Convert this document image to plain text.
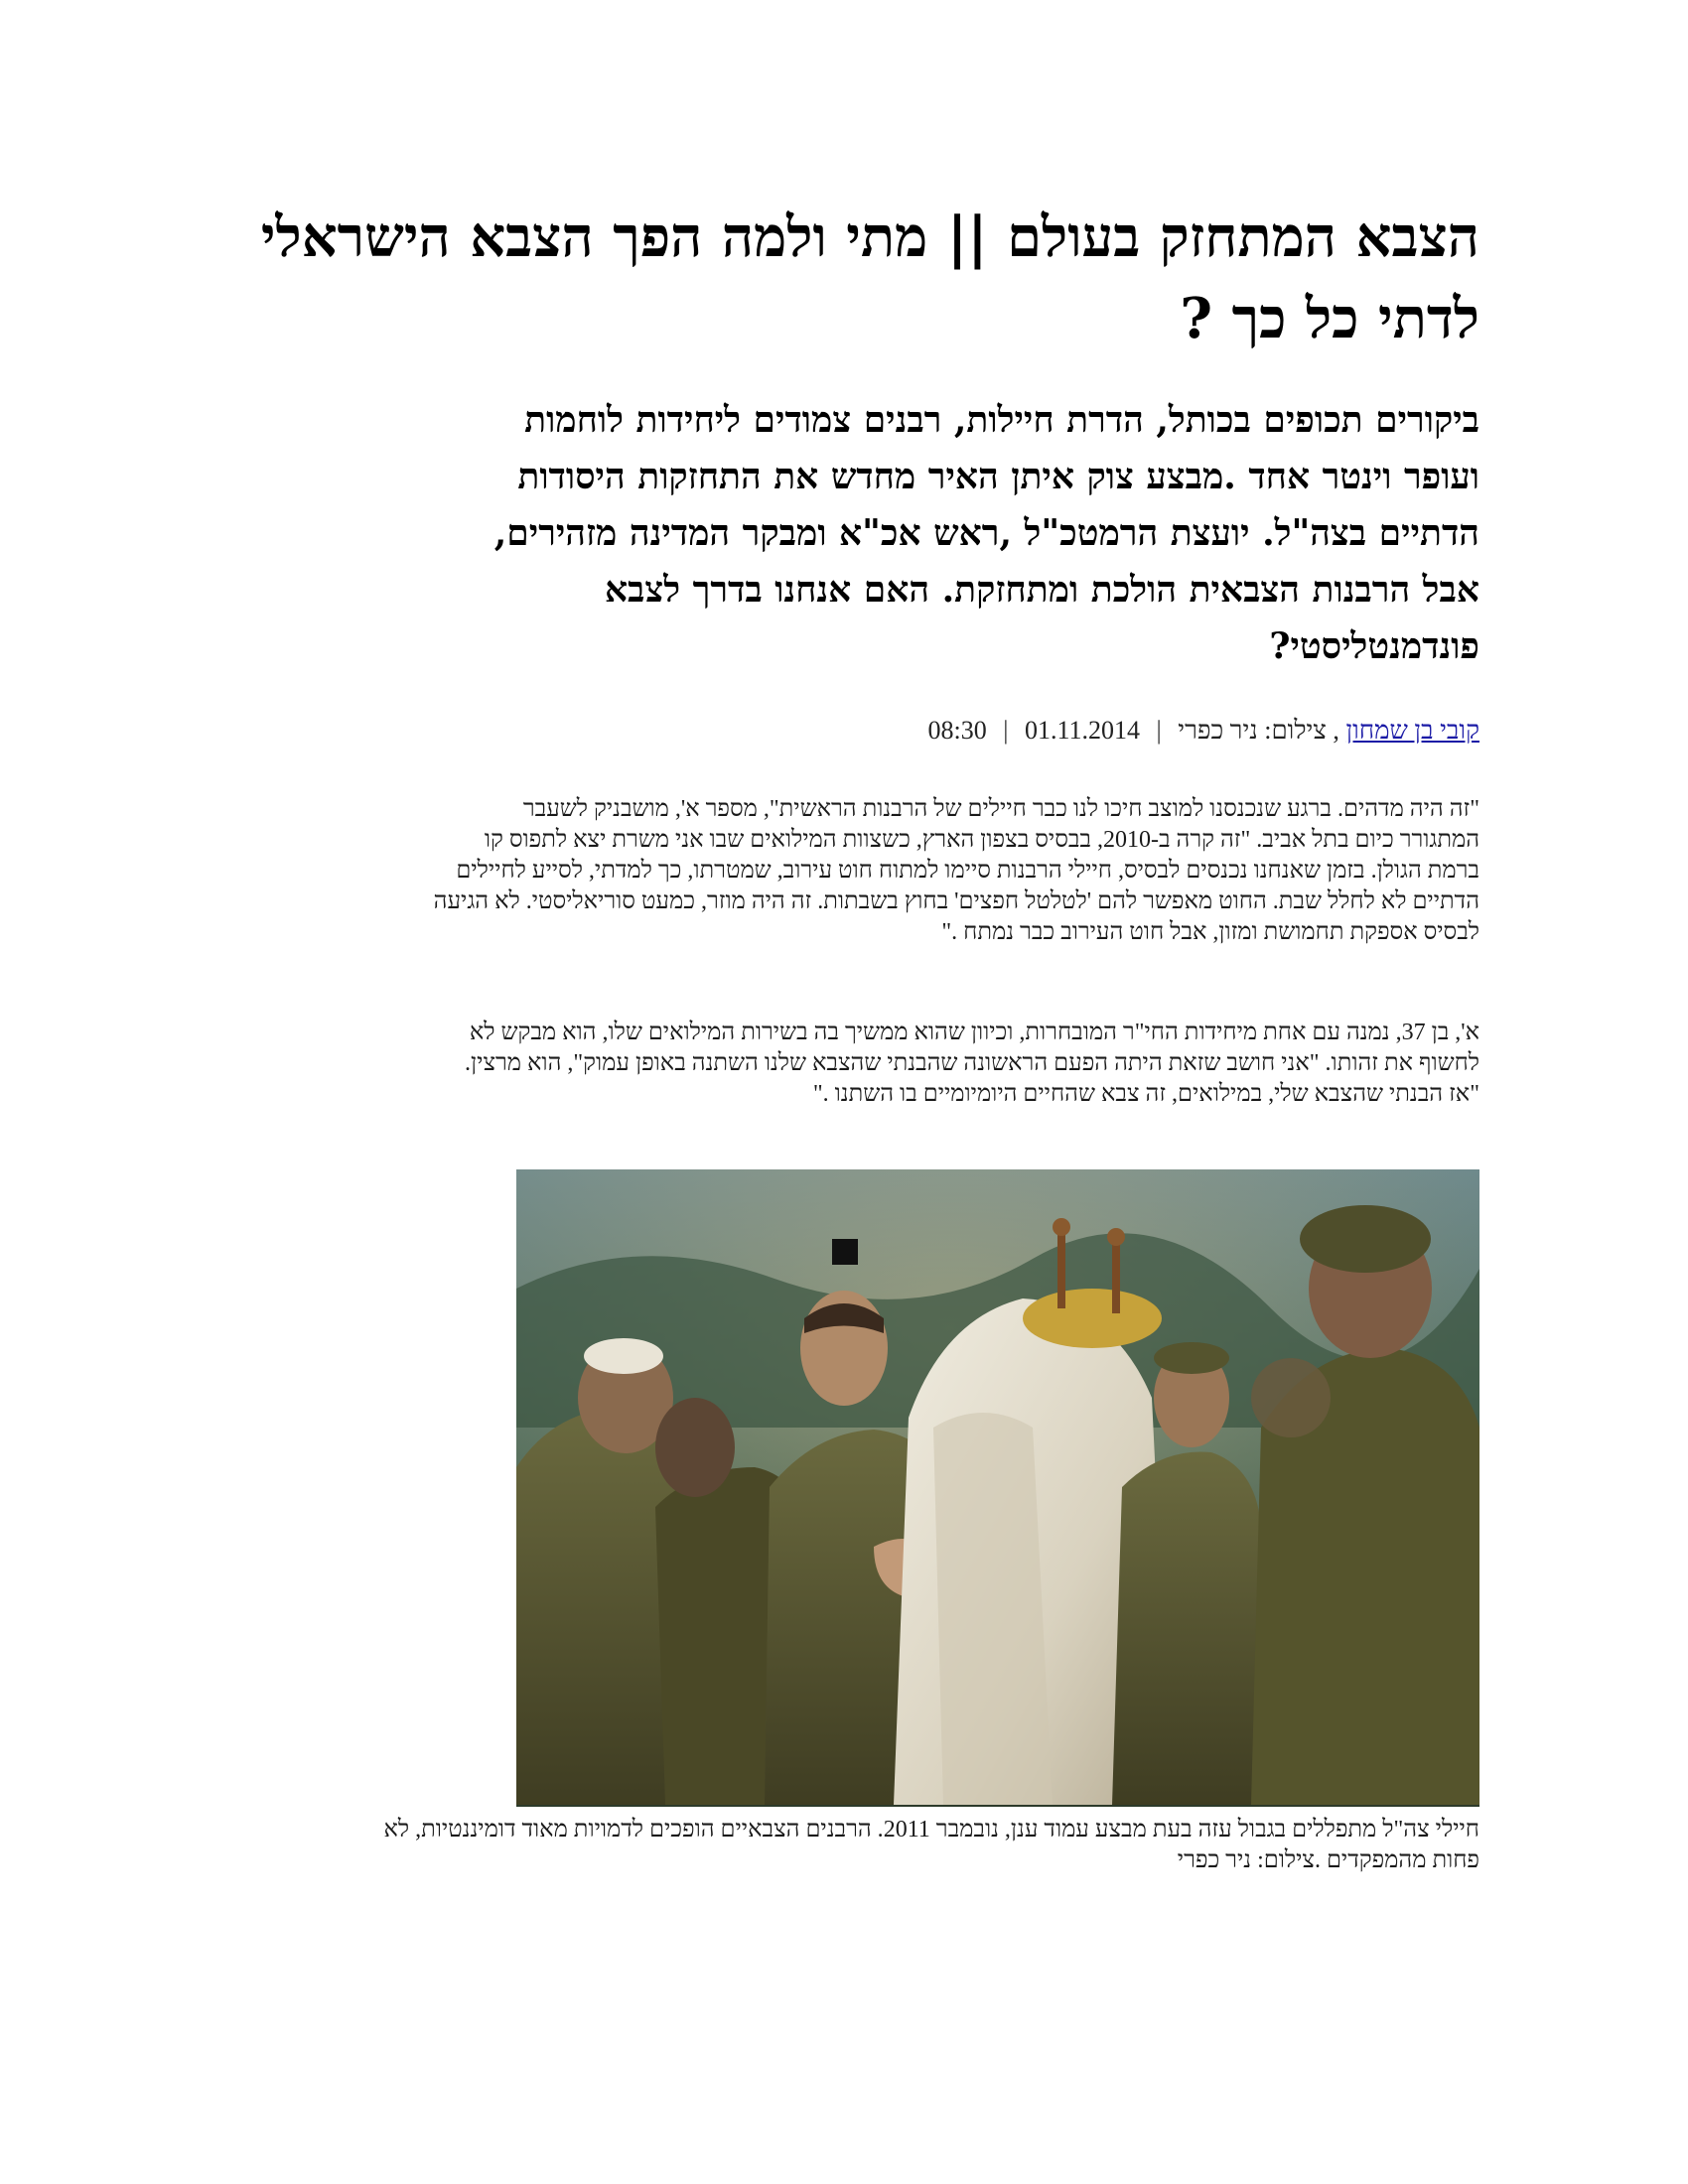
הצבא המתחזק בעולם || מתי ולמה הפך הצבא הישראלי
לדתי כל כך ?
ביקורים תכופים בכותל, הדרת חיילות, רבנים צמודים ליחידות לוחמות
ועופר וינטר אחד .מבצע צוק איתן האיר מחדש את התחזקות היסודות
הדתיים בצה"ל. יועצת הרמטכ"ל ,ראש אכ"א ומבקר המדינה מזהירים,
אבל הרבנות הצבאית הולכת ומתחזקת. האם אנחנו בדרך לצבא
פונדמנטליסטי?
קובי בן שמחון , צילום: ניר כפרי | 01.11.2014 | 08:30
"זה היה מדהים. ברגע שנכנסנו למוצב חיכו לנו כבר חיילים של הרבנות הראשית", מספר א', מושבניק לשעבר
המתגורר כיום בתל אביב. "זה קרה ב-2010, בבסיס בצפון הארץ, כשצוות המילואים שבו אני משרת יצא לתפוס קו
ברמת הגולן. בזמן שאנחנו נכנסים לבסיס, חיילי הרבנות סיימו למתוח חוט עירוב, שמטרתו, כך למדתי, לסייע לחיילים
הדתיים לא לחלל שבת. החוט מאפשר להם 'לטלטל חפצים' בחוץ בשבתות. זה היה מוזר, כמעט סוריאליסטי. לא הגיעה
לבסיס אספקת תחמושת ומזון, אבל חוט העירוב כבר נמתח ."
א', בן 37, נמנה עם אחת מיחידות החי"ר המובחרות, וכיוון שהוא ממשיך בה בשירות המילואים שלו, הוא מבקש לא
לחשוף את זהותו. "אני חושב שזאת היתה הפעם הראשונה שהבנתי שהצבא שלנו השתנה באופן עמוק", הוא מרצין.
"אז הבנתי שהצבא שלי, במילואים, זה צבא שהחיים היומיומיים בו השתנו ."
חיילי צה"ל מתפללים בגבול עזה בעת מבצע עמוד ענן, נובמבר 2011. הרבנים הצבאיים הופכים לדמויות מאוד דומיננטיות, לא
פחות מהמפקדים .צילום: ניר כפרי
